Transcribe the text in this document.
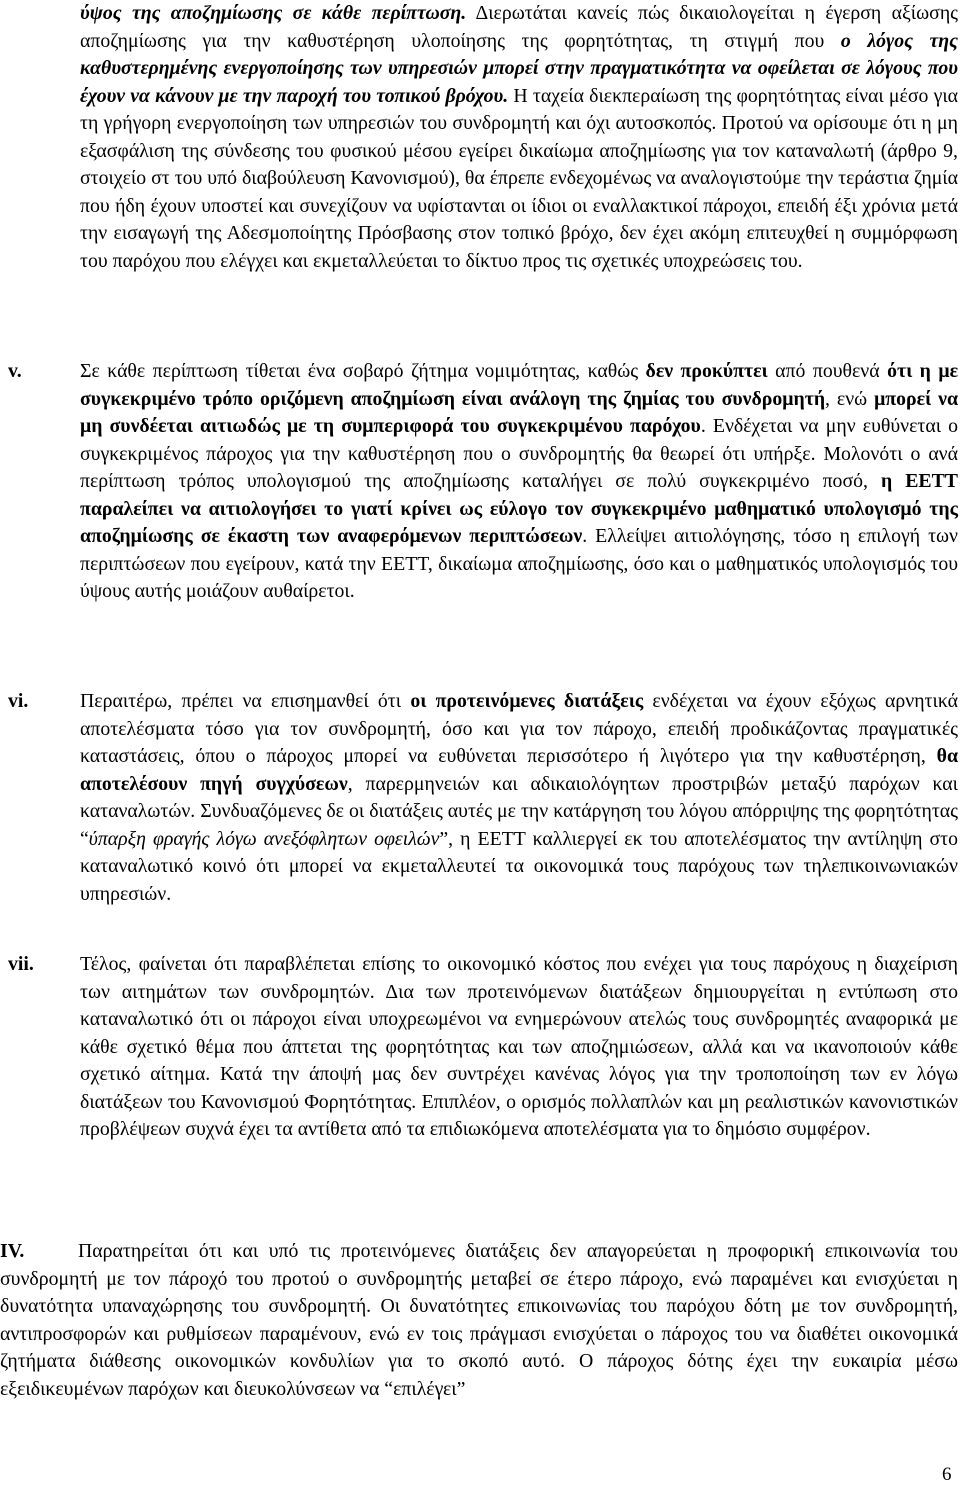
ύψος της αποζημίωσης σε κάθε περίπτωση. Διερωτάται κανείς πώς δικαιολογείται η έγερση αξίωσης αποζημίωσης για την καθυστέρηση υλοποίησης της φορητότητας, τη στιγμή που ο λόγος της καθυστερημένης ενεργοποίησης των υπηρεσιών μπορεί στην πραγματικότητα να οφείλεται σε λόγους που έχουν να κάνουν με την παροχή του τοπικού βρόχου. Η ταχεία διεκπεραίωση της φορητότητας είναι μέσο για τη γρήγορη ενεργοποίηση των υπηρεσιών του συνδρομητή και όχι αυτοσκοπός. Προτού να ορίσουμε ότι η μη εξασφάλιση της σύνδεσης του φυσικού μέσου εγείρει δικαίωμα αποζημίωσης για τον καταναλωτή (άρθρο 9, στοιχείο στ του υπό διαβούλευση Κανονισμού), θα έπρεπε ενδεχομένως να αναλογιστούμε την τεράστια ζημία που ήδη έχουν υποστεί και συνεχίζουν να υφίστανται οι ίδιοι οι εναλλακτικοί πάροχοι, επειδή έξι χρόνια μετά την εισαγωγή της Αδεσμοποίητης Πρόσβασης στον τοπικό βρόχο, δεν έχει ακόμη επιτευχθεί η συμμόρφωση του παρόχου που ελέγχει και εκμεταλλεύεται το δίκτυο προς τις σχετικές υποχρεώσεις του.
v.	Σε κάθε περίπτωση τίθεται ένα σοβαρό ζήτημα νομιμότητας, καθώς δεν προκύπτει από πουθενά ότι η με συγκεκριμένο τρόπο οριζόμενη αποζημίωση είναι ανάλογη της ζημίας του συνδρομητή, ενώ μπορεί να μη συνδέεται αιτιωδώς με τη συμπεριφορά του συγκεκριμένου παρόχου. Ενδέχεται να μην ευθύνεται ο συγκεκριμένος πάροχος για την καθυστέρηση που ο συνδρομητής θα θεωρεί ότι υπήρξε. Μολονότι ο ανά περίπτωση τρόπος υπολογισμού της αποζημίωσης καταλήγει σε πολύ συγκεκριμένο ποσό, η ΕΕΤΤ παραλείπει να αιτιολογήσει το γιατί κρίνει ως εύλογο τον συγκεκριμένο μαθηματικό υπολογισμό της αποζημίωσης σε έκαστη των αναφερόμενων περιπτώσεων. Ελλείψει αιτιολόγησης, τόσο η επιλογή των περιπτώσεων που εγείρουν, κατά την ΕΕΤΤ, δικαίωμα αποζημίωσης, όσο και ο μαθηματικός υπολογισμός του ύψους αυτής μοιάζουν αυθαίρετοι.
vi.	Περαιτέρω, πρέπει να επισημανθεί ότι οι προτεινόμενες διατάξεις ενδέχεται να έχουν εξόχως αρνητικά αποτελέσματα τόσο για τον συνδρομητή, όσο και για τον πάροχο, επειδή προδικάζοντας πραγματικές καταστάσεις, όπου ο πάροχος μπορεί να ευθύνεται περισσότερο ή λιγότερο για την καθυστέρηση, θα αποτελέσουν πηγή συγχύσεων, παρερμηνειών και αδικαιολόγητων προστριβών μεταξύ παρόχων και καταναλωτών. Συνδυαζόμενες δε οι διατάξεις αυτές με την κατάργηση του λόγου απόρριψης της φορητότητας “ύπαρξη φραγής λόγω ανεξόφλητων οφειλών”, η ΕΕΤΤ καλλιεργεί εκ του αποτελέσματος την αντίληψη στο καταναλωτικό κοινό ότι μπορεί να εκμεταλλευτεί τα οικονομικά τους παρόχους των τηλεπικοινωνιακών υπηρεσιών.
vii. Τέλος, φαίνεται ότι παραβλέπεται επίσης το οικονομικό κόστος που ενέχει για τους παρόχους η διαχείριση των αιτημάτων των συνδρομητών. Δια των προτεινόμενων διατάξεων δημιουργείται η εντύπωση στο καταναλωτικό ότι οι πάροχοι είναι υποχρεωμένοι να ενημερώνουν ατελώς τους συνδρομητές αναφορικά με κάθε σχετικό θέμα που άπτεται της φορητότητας και των αποζημιώσεων, αλλά και να ικανοποιούν κάθε σχετικό αίτημα. Κατά την άποψή μας δεν συντρέχει κανένας λόγος για την τροποποίηση των εν λόγω διατάξεων του Κανονισμού Φορητότητας. Επιπλέον, ο ορισμός πολλαπλών και μη ρεαλιστικών κανονιστικών προβλέψεων συχνά έχει τα αντίθετα από τα επιδιωκόμενα αποτελέσματα για το δημόσιο συμφέρον.
IV.	Παρατηρείται ότι και υπό τις προτεινόμενες διατάξεις δεν απαγορεύεται η προφορική επικοινωνία του συνδρομητή με τον πάροχό του προτού ο συνδρομητής μεταβεί σε έτερο πάροχο, ενώ παραμένει και ενισχύεται η δυνατότητα υπαναχώρησης του συνδρομητή. Οι δυνατότητες επικοινωνίας του παρόχου δότη με τον συνδρομητή, αντιπροσφορών και ρυθμίσεων παραμένουν, ενώ εν τοις πράγμασι ενισχύεται ο πάροχος του να διαθέτει οικονομικά ζητήματα διάθεσης οικονομικών κονδυλίων για το σκοπό αυτό. Ο πάροχος δότης έχει την ευκαιρία μέσω εξειδικευμένων παρόχων και διευκολύνσεων να “επιλέγει”
6
